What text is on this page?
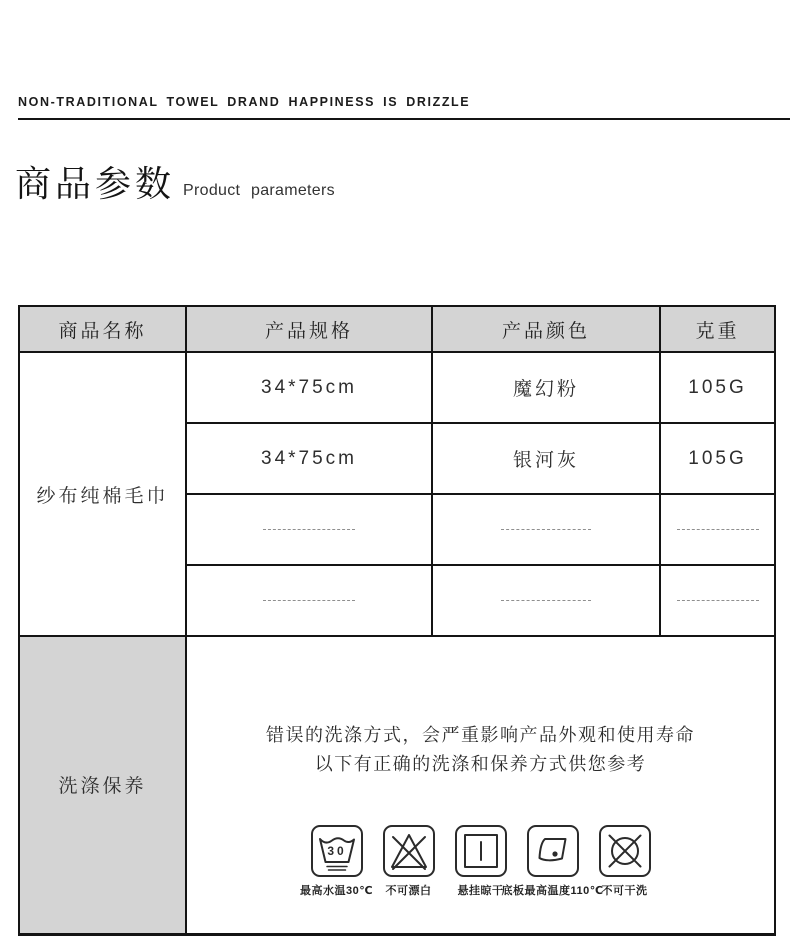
NON-TRADITIONAL TOWEL DRAND HAPPINESS IS DRIZZLE
商品参数 Product parameters
商品名称	产品规格	产品颜色	克重
纱布纯棉毛巾	34*75cm	魔幻粉	105G
	34*75cm	银河灰	105G

洗涤保养	
错误的洗涤方式，会严重影响产品外观和使用寿命
以下有正确的洗涤和保养方式供您参考
30
最高水温30℃ 不可漂白 悬挂晾干
底板最高温度110℃
不可干洗
